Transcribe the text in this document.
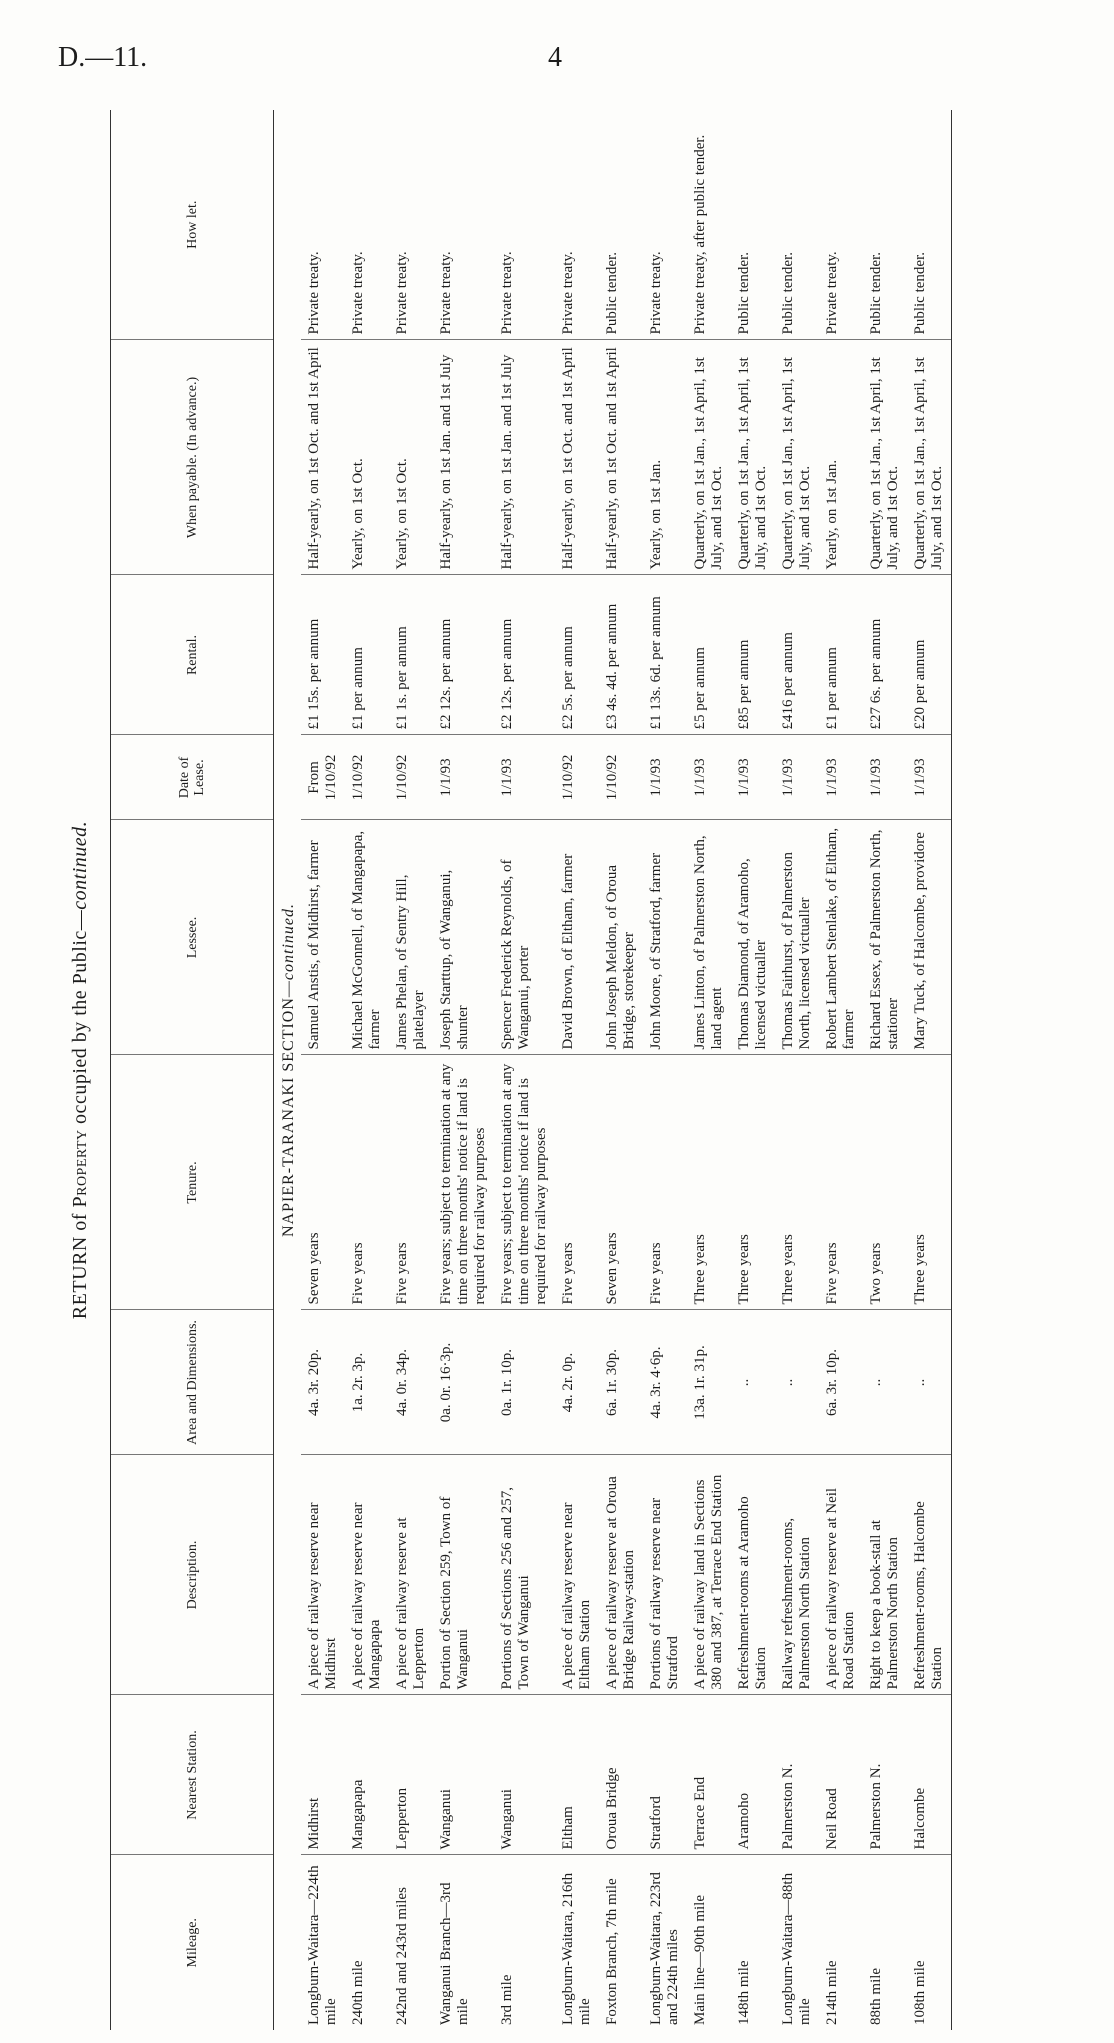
D.—11.	4
RETURN of Property occupied by the Public—continued.
Mileage.	Nearest Station.	Description.	Area and Dimensions.	Tenure.	Lessee.	Date of Lease.	Rental.	When payable. (In advance.)	How let.
NAPIER-TARANAKI SECTION—continued.									
Longburn-Waitara—224th mile	Midhirst	A piece of railway reserve near Midhirst	4a. 3r. 20p.	Seven years	Samuel Anstis, of Midhirst, farmer	From 1/10/92	£1 15s. per annum	Half-yearly, on 1st Oct. and 1st April	Private treaty.
240th mile	Mangapapa	A piece of railway reserve near Mangapapa	1a. 2r. 3p.	Five years	Michael McGonnell, of Mangapapa, farmer	1/10/92	£1 per annum	Yearly, on 1st Oct.	Private treaty.
242nd and 243rd miles	Lepperton	A piece of railway reserve at Lepperton	4a. 0r. 34p.	Five years	James Phelan, of Sentry Hill, platelayer	1/10/92	£1 1s. per annum	Yearly, on 1st Oct.	Private treaty.
Wanganui Branch—3rd mile	Wanganui	Portion of Section 259, Town of Wanganui	0a. 0r. 16·3p.	Five years; subject to termination at any time on three months' notice if land is required for railway purposes	Joseph Starttup, of Wanganui, shunter	1/1/93	£2 12s. per annum	Half-yearly, on 1st Jan. and 1st July	Private treaty.
3rd mile	Wanganui	Portions of Sections 256 and 257, Town of Wanganui	0a. 1r. 10p.	Five years; subject to termination at any time on three months' notice if land is required for railway purposes	Spencer Frederick Reynolds, of Wanganui, porter	1/1/93	£2 12s. per annum	Half-yearly, on 1st Jan. and 1st July	Private treaty.
Longburn-Waitara, 216th mile	Eltham	A piece of railway reserve near Eltham Station	4a. 2r. 0p.	Five years	David Brown, of Eltham, farmer	1/10/92	£2 5s. per annum	Half-yearly, on 1st Oct. and 1st April	Private treaty.
Foxton Branch, 7th mile	Oroua Bridge	A piece of railway reserve at Oroua Bridge Railway-station	6a. 1r. 30p.	Seven years	John Joseph Meldon, of Oroua Bridge, storekeeper	1/10/92	£3 4s. 4d. per annum	Half-yearly, on 1st Oct. and 1st April	Public tender.
Longburn-Waitara, 223rd and 224th miles	Stratford	Portions of railway reserve near Stratford	4a. 3r. 4·6p.	Five years	John Moore, of Stratford, farmer	1/1/93	£1 13s. 6d. per annum	Yearly, on 1st Jan.	Private treaty.
Main line—90th mile	Terrace End	A piece of railway land in Sections 380 and 387, at Terrace End Station	13a. 1r. 31p.	Three years	James Linton, of Palmerston North, land agent	1/1/93	£5 per annum	Quarterly, on 1st Jan., 1st April, 1st July, and 1st Oct.	Private treaty, after public tender.
148th mile	Aramoho	Refreshment-rooms at Aramoho Station	..	Three years	Thomas Diamond, of Aramoho, licensed victualler	1/1/93	£85 per annum	Quarterly, on 1st Jan., 1st April, 1st July, and 1st Oct.	Public tender.
Longburn-Waitara—88th mile	Palmerston N.	Railway refreshment-rooms, Palmerston North Station	..	Three years	Thomas Fairhurst, of Palmerston North, licensed victualler	1/1/93	£416 per annum	Quarterly, on 1st Jan., 1st April, 1st July, and 1st Oct.	Public tender.
214th mile	Neil Road	A piece of railway reserve at Neil Road Station	6a. 3r. 10p.	Five years	Robert Lambert Stenlake, of Eltham, farmer	1/1/93	£1 per annum	Yearly, on 1st Jan.	Private treaty.
88th mile	Palmerston N.	Right to keep a book-stall at Palmerston North Station	..	Two years	Richard Essex, of Palmerston North, stationer	1/1/93	£27 6s. per annum	Quarterly, on 1st Jan., 1st April, 1st July, and 1st Oct.	Public tender.
108th mile	Halcombe	Refreshment-rooms, Halcombe Station	..	Three years	Mary Tuck, of Halcombe, providore	1/1/93	£20 per annum	Quarterly, on 1st Jan., 1st April, 1st July, and 1st Oct.	Public tender.
